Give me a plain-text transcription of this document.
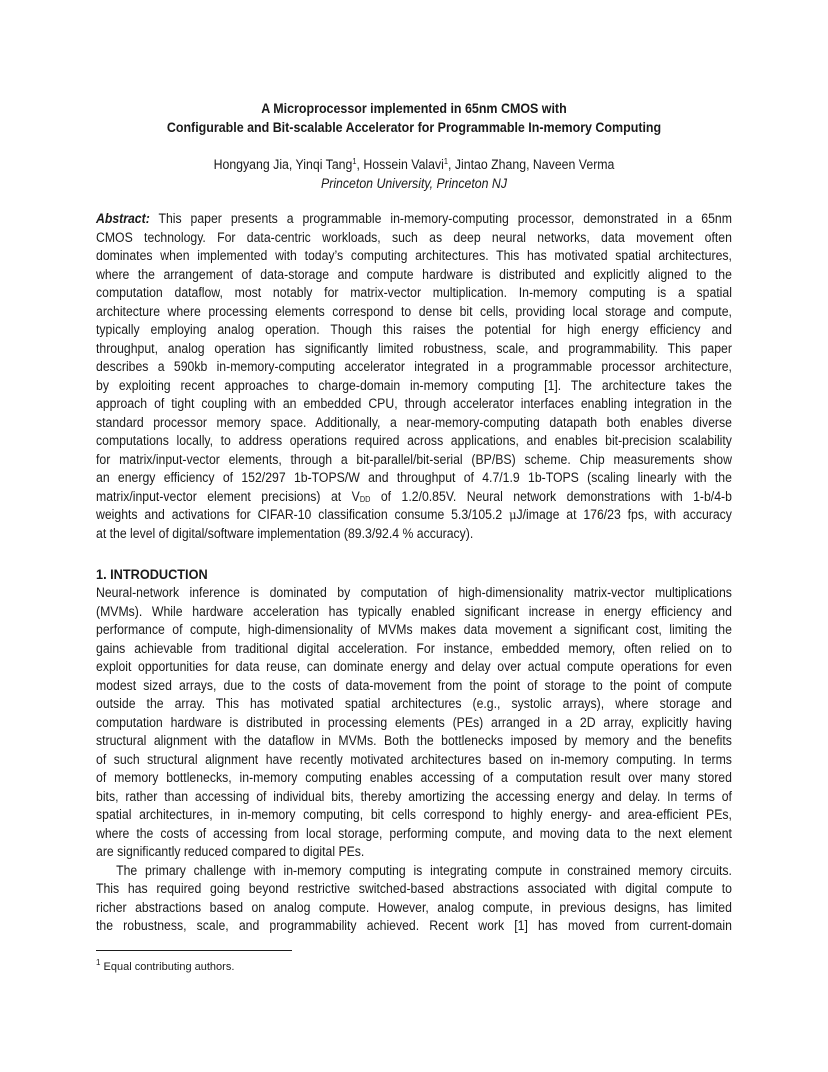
A Microprocessor implemented in 65nm CMOS with
Configurable and Bit-scalable Accelerator for Programmable In-memory Computing
Hongyang Jia, Yinqi Tang$^1$, Hossein Valavi$^1$, Jintao Zhang, Naveen Verma
Princeton University, Princeton NJ
Abstract: This paper presents a programmable in-memory-computing processor, demonstrated in a 65nm
CMOS technology. For data-centric workloads, such as deep neural networks, data movement often
dominates when implemented with today’s computing architectures. This has motivated spatial architectures,
where the arrangement of data-storage and compute hardware is distributed and explicitly aligned to the
computation dataflow, most notably for matrix-vector multiplication. In-memory computing is a spatial
architecture where processing elements correspond to dense bit cells, providing local storage and compute,
typically employing analog operation. Though this raises the potential for high energy efficiency and
throughput, analog operation has significantly limited robustness, scale, and programmability. This paper
describes a 590kb in-memory-computing accelerator integrated in a programmable processor architecture,
by exploiting recent approaches to charge-domain in-memory computing [1]. The architecture takes the
approach of tight coupling with an embedded CPU, through accelerator interfaces enabling integration in the
standard processor memory space. Additionally, a near-memory-computing datapath both enables diverse
computations locally, to address operations required across applications, and enables bit-precision scalability
for matrix/input-vector elements, through a bit-parallel/bit-serial (BP/BS) scheme. Chip measurements show
an energy efficiency of 152/297 1b-TOPS/W and throughput of 4.7/1.9 1b-TOPS (scaling linearly with the
matrix/input-vector element precisions) at $V_{DD}$ of 1.2/0.85V. Neural network demonstrations with 1-b/4-b
weights and activations for CIFAR-10 classification consume 5.3/105.2 μJ/image at 176/23 fps, with accuracy
at the level of digital/software implementation (89.3/92.4 % accuracy).
1. INTRODUCTION
Neural-network inference is dominated by computation of high-dimensionality matrix-vector multiplications
(MVMs). While hardware acceleration has typically enabled significant increase in energy efficiency and
performance of compute, high-dimensionality of MVMs makes data movement a significant cost, limiting the
gains achievable from traditional digital acceleration. For instance, embedded memory, often relied on to
exploit opportunities for data reuse, can dominate energy and delay over actual compute operations for even
modest sized arrays, due to the costs of data-movement from the point of storage to the point of compute
outside the array. This has motivated spatial architectures (e.g., systolic arrays), where storage and
computation hardware is distributed in processing elements (PEs) arranged in a 2D array, explicitly having
structural alignment with the dataflow in MVMs. Both the bottlenecks imposed by memory and the benefits
of such structural alignment have recently motivated architectures based on in-memory computing. In terms
of memory bottlenecks, in-memory computing enables accessing of a computation result over many stored
bits, rather than accessing of individual bits, thereby amortizing the accessing energy and delay. In terms of
spatial architectures, in in-memory computing, bit cells correspond to highly energy- and area-efficient PEs,
where the costs of accessing from local storage, performing compute, and moving data to the next element
are significantly reduced compared to digital PEs.
The primary challenge with in-memory computing is integrating compute in constrained memory circuits.
This has required going beyond restrictive switched-based abstractions associated with digital compute to
richer abstractions based on analog compute. However, analog compute, in previous designs, has limited
the robustness, scale, and programmability achieved. Recent work [1] has moved from current-domain
$^1$ Equal contributing authors.
